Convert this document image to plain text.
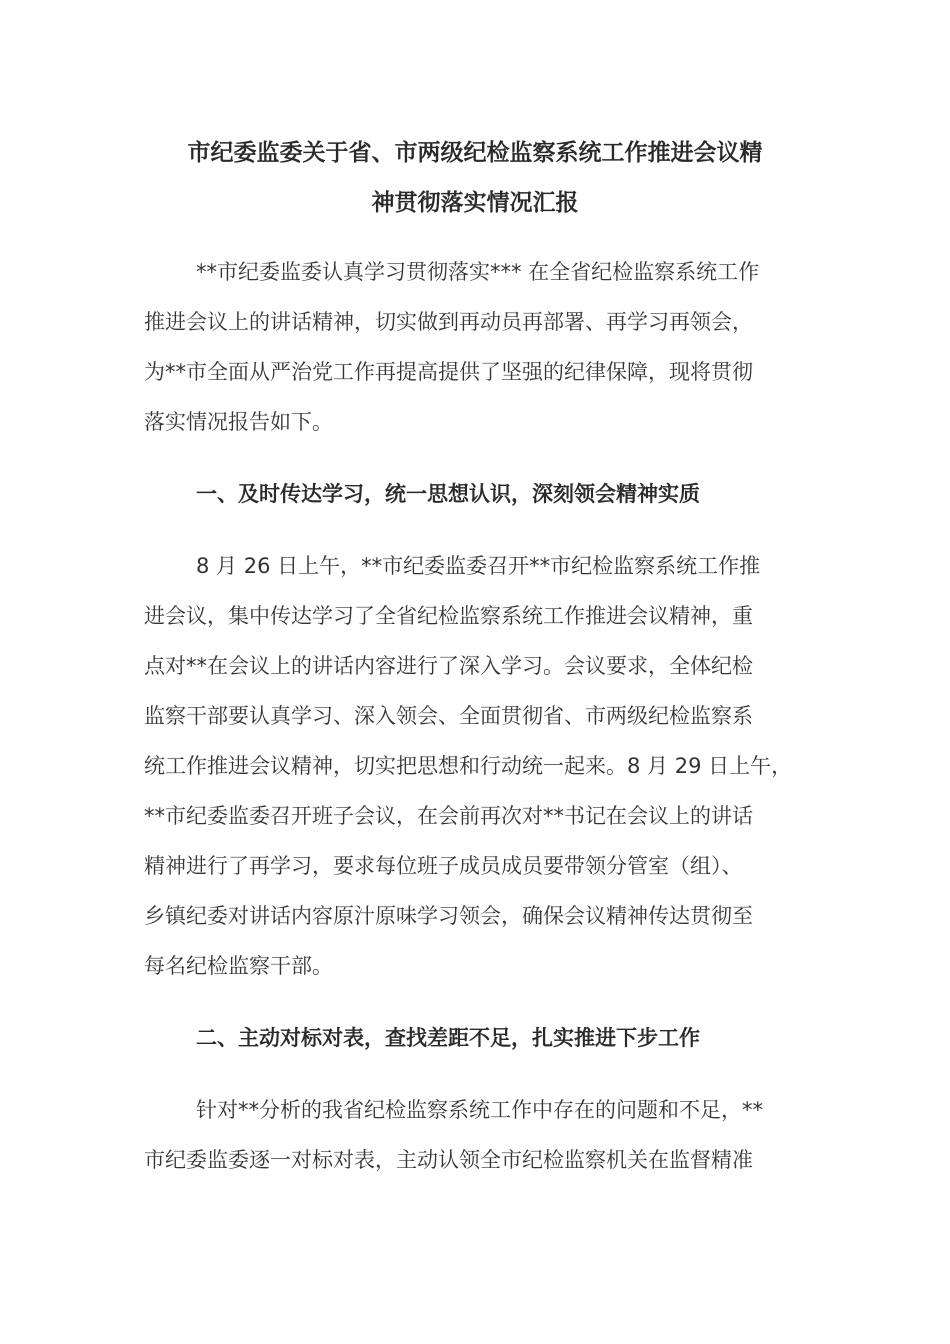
市纪委监委关于省、市两级纪检监察系统工作推进会议精
神贯彻落实情况汇报
**市纪委监委认真学习贯彻落实*** 在全省纪检监察系统工作
推进会议上的讲话精神，切实做到再动员再部署、再学习再领会，
为**市全面从严治党工作再提高提供了坚强的纪律保障，现将贯彻
落实情况报告如下。
一、及时传达学习，统一思想认识，深刻领会精神实质
8 月 26 日上午，**市纪委监委召开**市纪检监察系统工作推
进会议，集中传达学习了全省纪检监察系统工作推进会议精神，重
点对**在会议上的讲话内容进行了深入学习。会议要求，全体纪检
监察干部要认真学习、深入领会、全面贯彻省、市两级纪检监察系
统工作推进会议精神，切实把思想和行动统一起来。8 月 29 日上午，
**市纪委监委召开班子会议，在会前再次对**书记在会议上的讲话
精神进行了再学习，要求每位班子成员成员要带领分管室（组）、
乡镇纪委对讲话内容原汁原味学习领会，确保会议精神传达贯彻至
每名纪检监察干部。
二、主动对标对表，查找差距不足，扎实推进下步工作
针对**分析的我省纪检监察系统工作中存在的问题和不足，**
市纪委监委逐一对标对表，主动认领全市纪检监察机关在监督精准
